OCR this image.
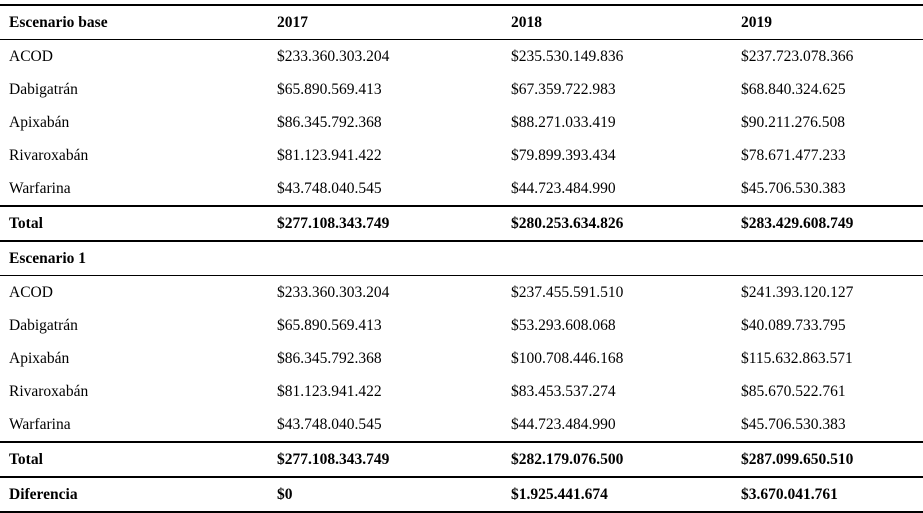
Escenario base	2017	2018	2019
ACOD	$233.360.303.204	$235.530.149.836	$237.723.078.366
Dabigatrán	$65.890.569.413	$67.359.722.983	$68.840.324.625
Apixabán	$86.345.792.368	$88.271.033.419	$90.211.276.508
Rivaroxabán	$81.123.941.422	$79.899.393.434	$78.671.477.233
Warfarina	$43.748.040.545	$44.723.484.990	$45.706.530.383
Total	$277.108.343.749	$280.253.634.826	$283.429.608.749
Escenario 1			
ACOD	$233.360.303.204	$237.455.591.510	$241.393.120.127
Dabigatrán	$65.890.569.413	$53.293.608.068	$40.089.733.795
Apixabán	$86.345.792.368	$100.708.446.168	$115.632.863.571
Rivaroxabán	$81.123.941.422	$83.453.537.274	$85.670.522.761
Warfarina	$43.748.040.545	$44.723.484.990	$45.706.530.383
Total	$277.108.343.749	$282.179.076.500	$287.099.650.510
Diferencia	$0	$1.925.441.674	$3.670.041.761
